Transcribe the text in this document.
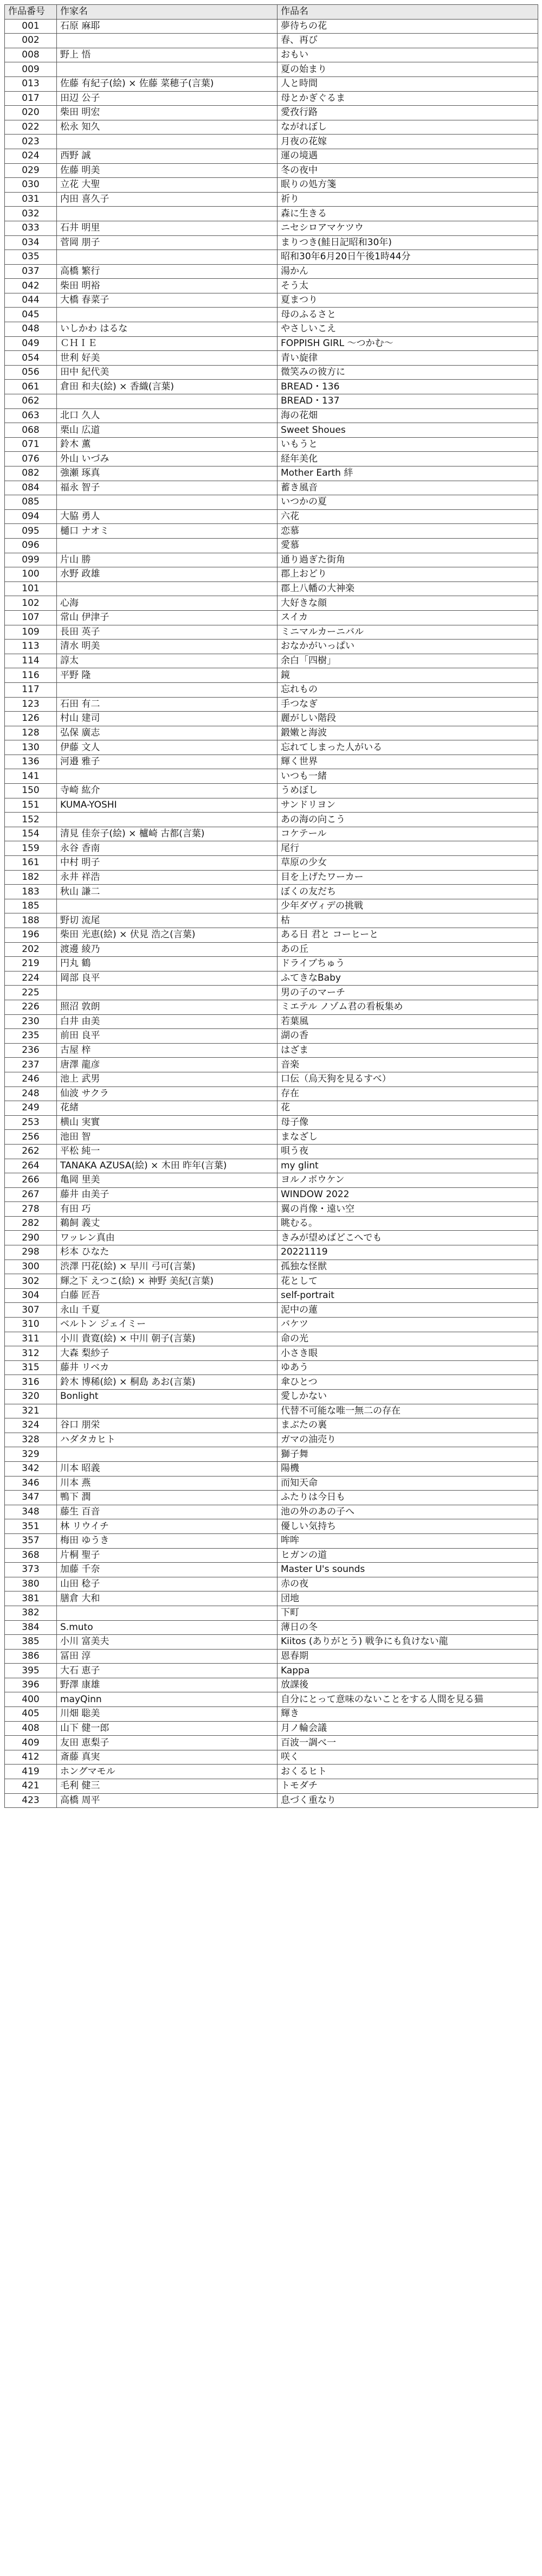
作品番号	作家名	作品名
001	石原 麻耶	夢待ちの花
002		春、再び
008	野上 悟	おもい
009		夏の始まり
013	佐藤 有紀子(絵) × 佐藤 菜穂子(言葉)	人と時間
017	田辺 公子	母とかぎぐるま
020	柴田 明宏	愛孜行路
022	松永 知久	ながれぼし
023		月夜の花嫁
024	西野 誠	運の境遇
029	佐藤 明美	冬の夜中
030	立花 大聖	眠りの処方箋
031	内田 喜久子	祈り
032		森に生きる
033	石井 明里	ニセシロアマケツウ
034	菅岡 朋子	まりつき(鮭日記昭和30年)
035		昭和30年6月20日午後1時44分
037	高橋 繁行	湯かん
042	柴田 明裕	そう太
044	大橋 春菜子	夏まつり
045		母のふるさと
048	いしかわ はるな	やさしいこえ
049	ＣＨＩＥ	FOPPISH GIRL 〜つかむ〜
054	世利 好美	青い旋律
056	田中 紀代美	微笑みの彼方に
061	倉田 和夫(絵) × 香織(言葉)	BREAD・136
062		BREAD・137
063	北口 久人	海の花畑
068	栗山 広道	Sweet Shoues
071	鈴木 薫	いもうと
076	外山 いづみ	経年美化
082	強瀬 琢真	Mother Earth 絆
084	福永 智子	蓄き風音
085		いつかの夏
094	大脇 勇人	六花
095	樋口 ナオミ	恋慕
096		愛慕
099	片山 勝	通り過ぎた街角
100	水野 政雄	郡上おどり
101		郡上八幡の大神楽
102	心海	大好きな顔
107	常山 伊津子	スイカ
109	長田 英子	ミニマルカーニバル
113	清水 明美	おなかがいっぱい
114	諄太	余白「四樹」
116	平野 隆	鏡
117		忘れもの
123	石田 有二	手つなぎ
126	村山 建司	麗がしい階段
128	弘保 廣志	鍛嫩と海波
130	伊藤 文人	忘れてしまった人がいる
136	河邉 雅子	輝く世界
141		いつも一緒
150	寺崎 紘介	うめぼし
151	KUMA-YOSHI	サンドリヨン
152		あの海の向こう
154	清見 佳奈子(絵) × 櫨崎 古都(言葉)	コケテール
159	永谷 香南	尾行
161	中村 明子	草原の少女
182	永井 祥浩	目を上げたワーカー
183	秋山 謙二	ぼくの友だち
185		少年ダヴィデの挑戦
188	野切 流尾	枯
196	柴田 光恵(絵) × 伏見 浩之(言葉)	ある日 君と コーヒーと
202	渡邊 綾乃	あの丘
219	円丸 鶴	ドライブちゅう
224	岡部 良平	ふてきなBaby
225		男の子のマーチ
226	照沼 敦朗	ミエテル ノゾム君の看板集め
230	白井 由美	若葉風
235	前田 良平	湖の香
236	古屋 梓	はざま
237	唐澤 龍彦	音楽
246	池上 武男	口伝（烏天狗を見るすべ）
248	仙波 サクラ	存在
249	花緒	花
253	横山 実實	母子像
256	池田 智	まなざし
262	平松 純一	唄う夜
264	TANAKA AZUSA(絵) × 木田 昨年(言葉)	my glint
266	亀岡 里美	ヨルノボウケン
267	藤井 由美子	WINDOW 2022
278	有田 巧	翼の肖像・遠い空
282	鵜飼 義丈	眺むる。
290	ワッレン真由	きみが望めばどこへでも
298	杉本 ひなた	20221119
300	渋澤 円花(絵) × 早川 弓可(言葉)	孤独な怪獣
302	輝之下 えつこ(絵) × 神野 美紀(言葉)	花として
304	白藤 匠吾	self-portrait
307	永山 千夏	泥中の蓮
310	ベルトン ジェイミー	バケツ
311	小川 貴寛(絵) × 中川 朝子(言葉)	命の光
312	大森 梨紗子	小さき眼
315	藤井 リベカ	ゆあう
316	鈴木 博稀(絵) × 桐島 あお(言葉)	傘ひとつ
320	Bonlight	愛しかない
321		代替不可能な唯一無二の存在
324	谷口 朋栄	まぶたの裏
328	ハダタカヒト	ガマの油売り
329		獅子舞
342	川本 昭義	陽機
346	川本 燕	而知天命
347	鴨下 潤	ふたりは今日も
348	藤生 百音	池の外のあの子へ
351	林 リウイチ	優しい気持ち
357	梅田 ゆうき	哞哞
368	片桐 聖子	ヒガンの道
373	加藤 千奈	Master U's sounds
380	山田 稔子	赤の夜
381	膳倉 大和	団地
382		下町
384	S.muto	薄日の冬
385	小川 富美夫	Kiitos (ありがとう) 戦争にも負けない龍
386	冨田 淳	恩春期
395	大石 恵子	Kappa
396	野澤 康雄	放課後
400	mayQinn	自分にとって意味のないことをする人間を見る猫
405	川畑 聡美	輝き
408	山下 健一郎	月ノ輪会議
409	友田 恵梨子	百波一調べ一
412	斎藤 真実	咲く
419	ホングマモル	おくるヒト
421	毛利 健三	トモダチ
423	高橋 周平	息づく重なり
